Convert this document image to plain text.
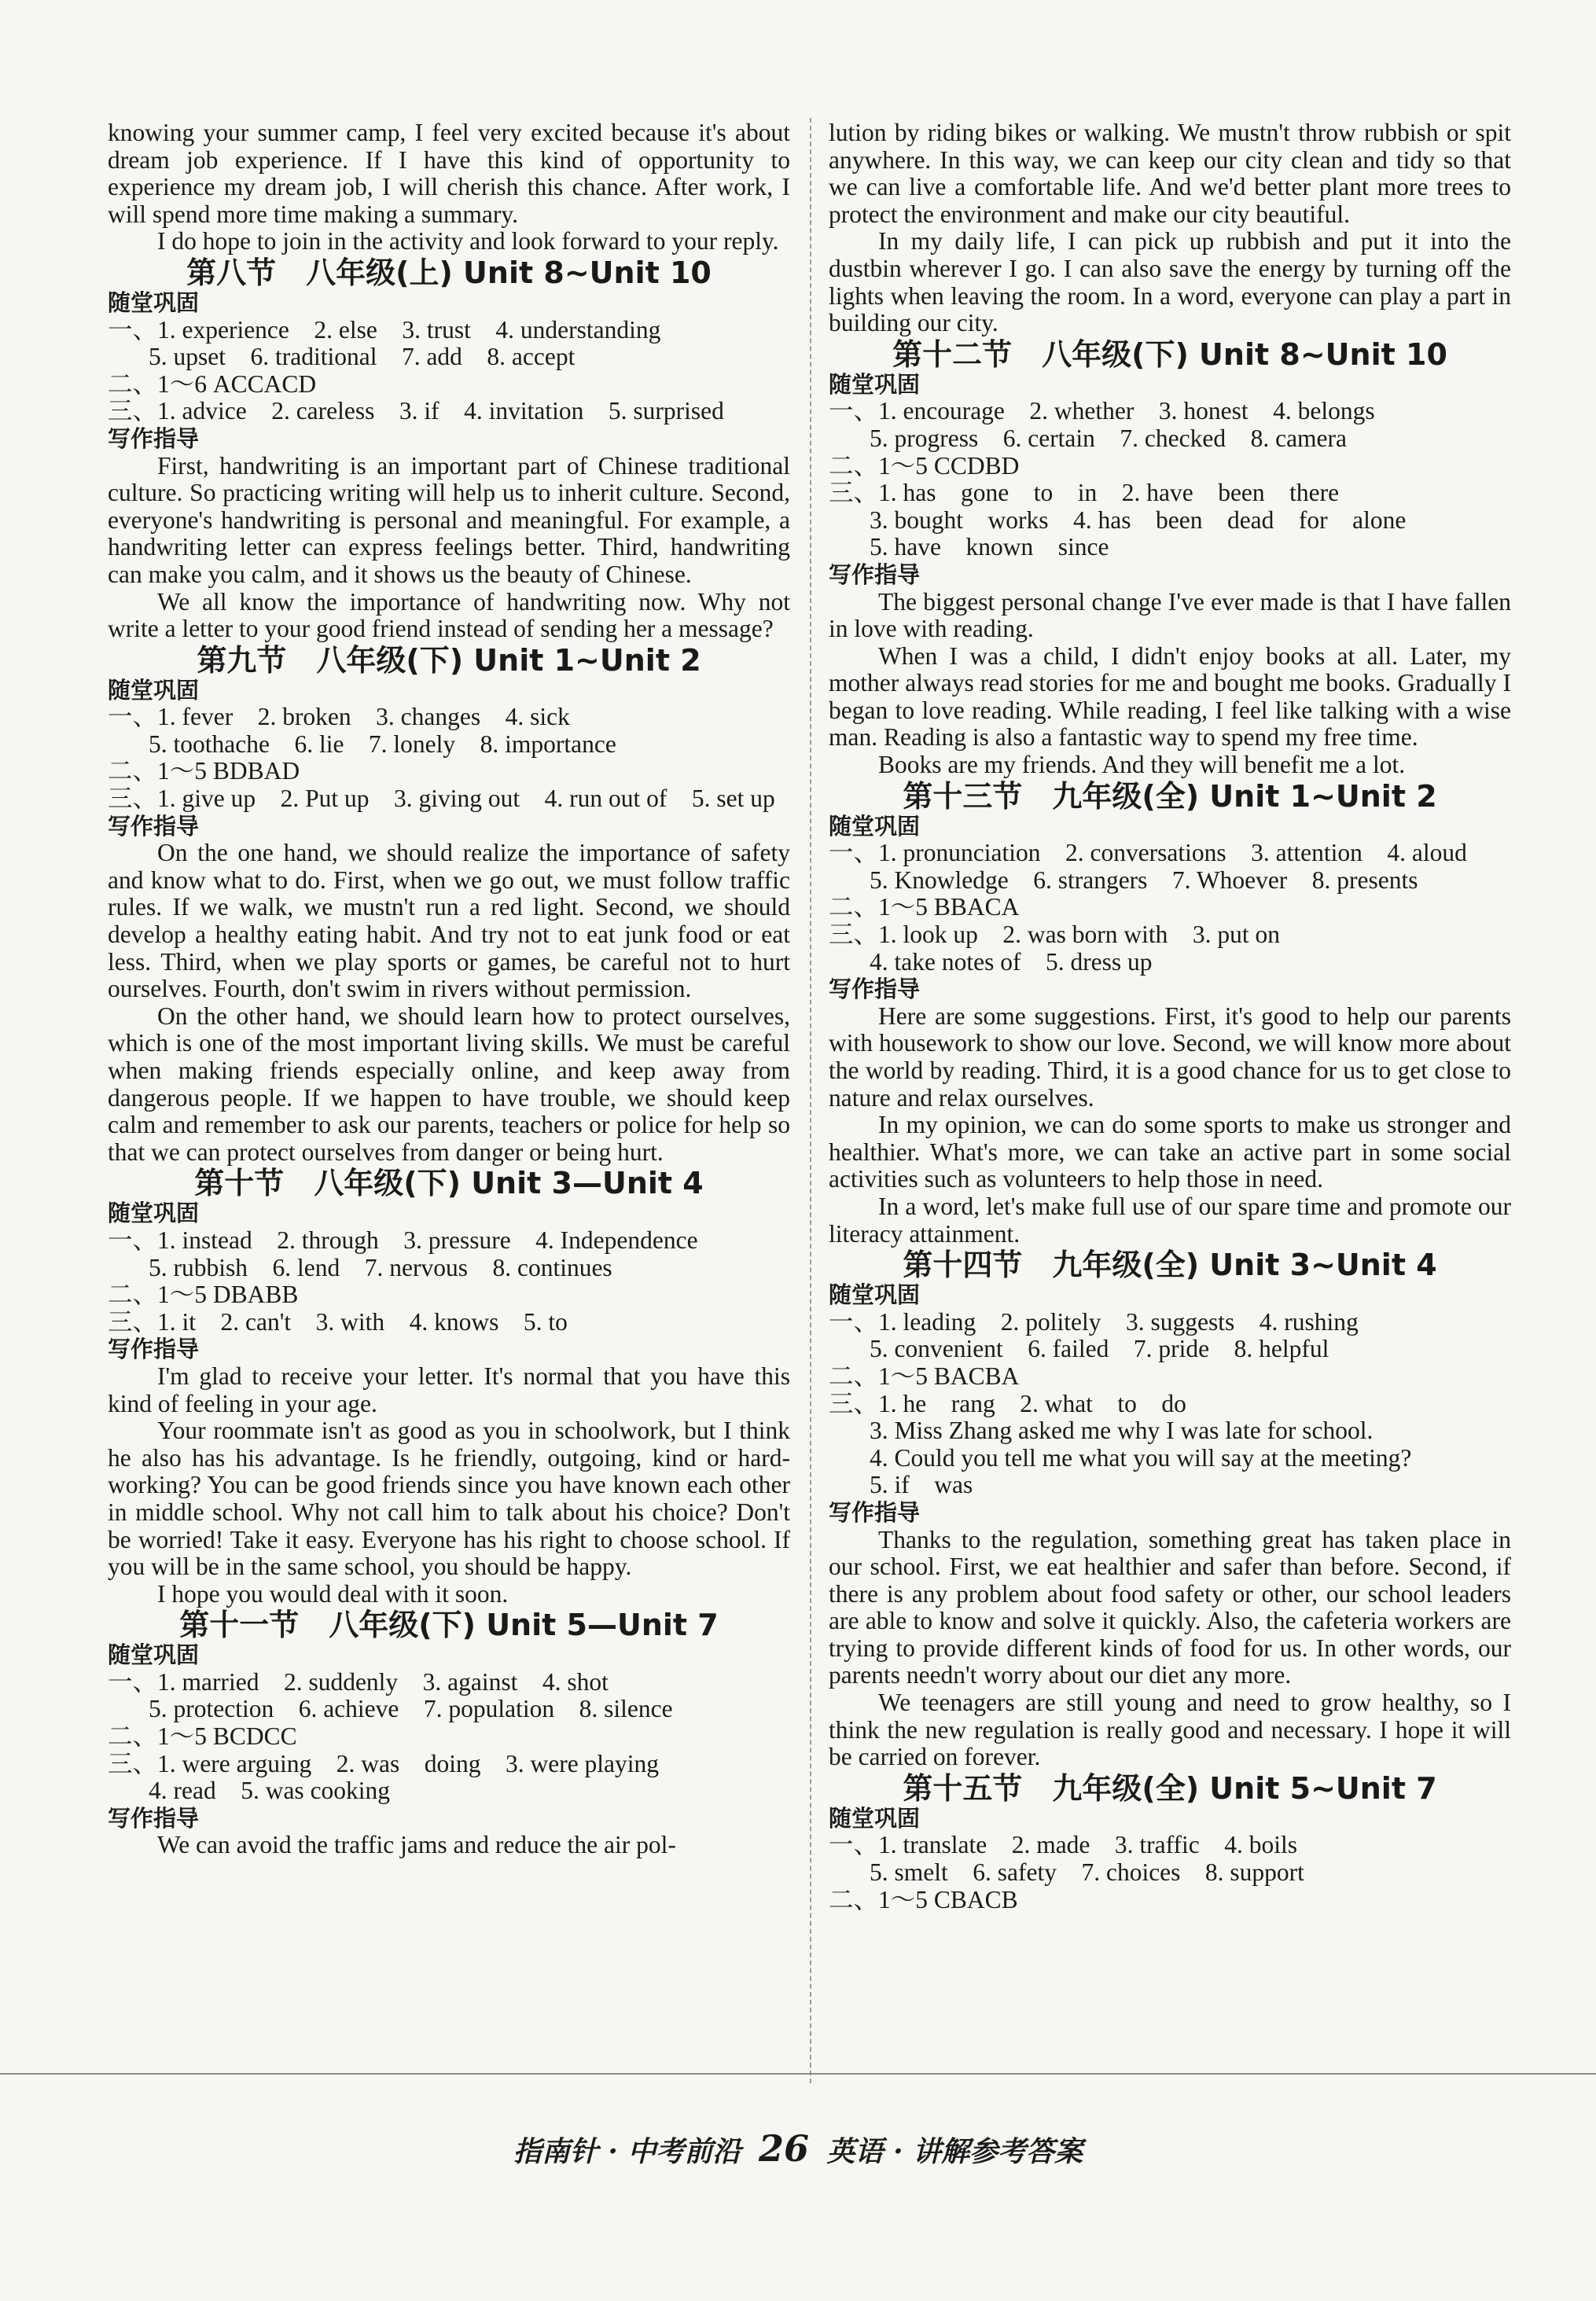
knowing your summer camp, I feel very excited because it's about dream job experience. If I have this kind of opportunity to experience my dream job, I will cherish this chance. After work, I will spend more time making a summary.

I do hope to join in the activity and look forward to your reply.

第八节　八年级(上) Unit 8~Unit 10
随堂巩固
一、1. experience　2. else　3. trust　4. understanding
5. upset　6. traditional　7. add　8. accept
二、1～6 ACCACD
三、1. advice　2. careless　3. if　4. invitation　5. surprised
写作指导

First, handwriting is an important part of Chinese traditional culture. So practicing writing will help us to inherit culture. Second, everyone's handwriting is personal and meaningful. For example, a handwriting letter can express feelings better. Third, handwriting can make you calm, and it shows us the beauty of Chinese.

We all know the importance of handwriting now. Why not write a letter to your good friend instead of sending her a message?

第九节　八年级(下) Unit 1~Unit 2
随堂巩固
一、1. fever　2. broken　3. changes　4. sick
5. toothache　6. lie　7. lonely　8. importance
二、1～5 BDBAD
三、1. give up　2. Put up　3. giving out　4. run out of　5. set up
写作指导

On the one hand, we should realize the importance of safety and know what to do. First, when we go out, we must follow traffic rules. If we walk, we mustn't run a red light. Second, we should develop a healthy eating habit. And try not to eat junk food or eat less. Third, when we play sports or games, be careful not to hurt ourselves. Fourth, don't swim in rivers without permission.

On the other hand, we should learn how to protect ourselves, which is one of the most important living skills. We must be careful when making friends especially online, and keep away from dangerous people. If we happen to have trouble, we should keep calm and remember to ask our parents, teachers or police for help so that we can protect ourselves from danger or being hurt.

第十节　八年级(下) Unit 3—Unit 4
随堂巩固
一、1. instead　2. through　3. pressure　4. Independence
5. rubbish　6. lend　7. nervous　8. continues
二、1～5 DBABB
三、1. it　2. can't　3. with　4. knows　5. to
写作指导

I'm glad to receive your letter. It's normal that you have this kind of feeling in your age.

Your roommate isn't as good as you in schoolwork, but I think he also has his advantage. Is he friendly, outgoing, kind or hard-working? You can be good friends since you have known each other in middle school. Why not call him to talk about his choice? Don't be worried! Take it easy. Everyone has his right to choose school. If you will be in the same school, you should be happy.

I hope you would deal with it soon.

第十一节　八年级(下) Unit 5—Unit 7
随堂巩固
一、1. married　2. suddenly　3. against　4. shot
5. protection　6. achieve　7. population　8. silence
二、1～5 BCDCC
三、1. were arguing　2. was　doing　3. were playing
4. read　5. was cooking
写作指导

We can avoid the traffic jams and reduce the air pol-

lution by riding bikes or walking. We mustn't throw rubbish or spit anywhere. In this way, we can keep our city clean and tidy so that we can live a comfortable life. And we'd better plant more trees to protect the environment and make our city beautiful.

In my daily life, I can pick up rubbish and put it into the dustbin wherever I go. I can also save the energy by turning off the lights when leaving the room. In a word, everyone can play a part in building our city.

第十二节　八年级(下) Unit 8~Unit 10
随堂巩固
一、1. encourage　2. whether　3. honest　4. belongs
5. progress　6. certain　7. checked　8. camera
二、1～5 CCDBD
三、1. has　gone　to　in　2. have　been　there
3. bought　works　4. has　been　dead　for　alone
5. have　known　since
写作指导

The biggest personal change I've ever made is that I have fallen in love with reading.

When I was a child, I didn't enjoy books at all. Later, my mother always read stories for me and bought me books. Gradually I began to love reading. While reading, I feel like talking with a wise man. Reading is also a fantastic way to spend my free time.

Books are my friends. And they will benefit me a lot.

第十三节　九年级(全) Unit 1~Unit 2
随堂巩固
一、1. pronunciation　2. conversations　3. attention　4. aloud
5. Knowledge　6. strangers　7. Whoever　8. presents
二、1～5 BBACA
三、1. look up　2. was born with　3. put on
4. take notes of　5. dress up
写作指导

Here are some suggestions. First, it's good to help our parents with housework to show our love. Second, we will know more about the world by reading. Third, it is a good chance for us to get close to nature and relax ourselves.

In my opinion, we can do some sports to make us stronger and healthier. What's more, we can take an active part in some social activities such as volunteers to help those in need.

In a word, let's make full use of our spare time and promote our literacy attainment.

第十四节　九年级(全) Unit 3~Unit 4
随堂巩固
一、1. leading　2. politely　3. suggests　4. rushing
5. convenient　6. failed　7. pride　8. helpful
二、1～5 BACBA
三、1. he　rang　2. what　to　do
3. Miss Zhang asked me why I was late for school.
4. Could you tell me what you will say at the meeting?
5. if　was
写作指导

Thanks to the regulation, something great has taken place in our school. First, we eat healthier and safer than before. Second, if there is any problem about food safety or other, our school leaders are able to know and solve it quickly. Also, the cafeteria workers are trying to provide different kinds of food for us. In other words, our parents needn't worry about our diet any more.

We teenagers are still young and need to grow healthy, so I think the new regulation is really good and necessary. I hope it will be carried on forever.

第十五节　九年级(全) Unit 5~Unit 7
随堂巩固
一、1. translate　2. made　3. traffic　4. boils
5. smelt　6. safety　7. choices　8. support
二、1～5 CBACB
指南针 · 中考前沿 26 英语 · 讲解参考答案
